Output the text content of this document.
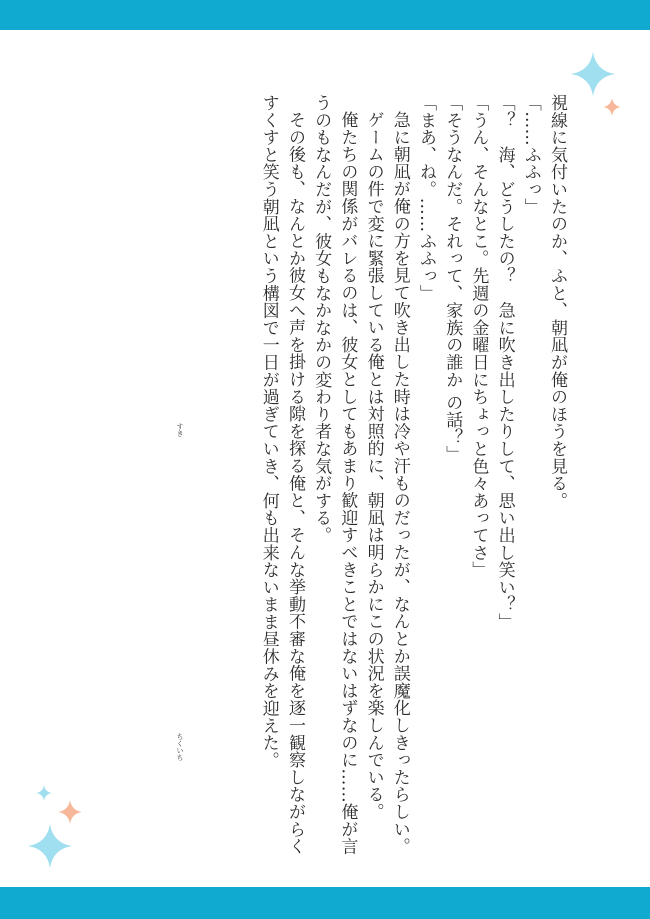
視線に気付いたのか、ふと、朝凪が俺のほうを見る。

「……ふふっ」

「？　海、どうしたの？　急に吹き出したりして、思い出し笑い？」

「うん、そんなとこ。先週の金曜日にちょっと色々あってさ」

「そうなんだ。それって、家族の誰か の話？」

「まあ、ね。……ふふっ」

急に朝凪が俺の方を見て吹き出した時は冷や汗ものだったが、なんとか誤魔化しきったらしい。

ゲームの件で変に緊張している俺とは対照的に、朝凪は明らかにこの状況を楽しんでいる。

俺たちの関係がバレるのは、彼女としてもあまり歓迎すべきことではないはずなのに……俺が言うのもなんだが、彼女もなかなかの変わり者な気がする。

その後も、なんとか彼女へ声を掛ける隙を探る俺と、そんな挙動不審な俺を逐一観察しながらくすくすと笑う朝凪という構図で一日が過ぎていき、何も出来ないまま昼休みを迎えた。

すき
ちくいち
